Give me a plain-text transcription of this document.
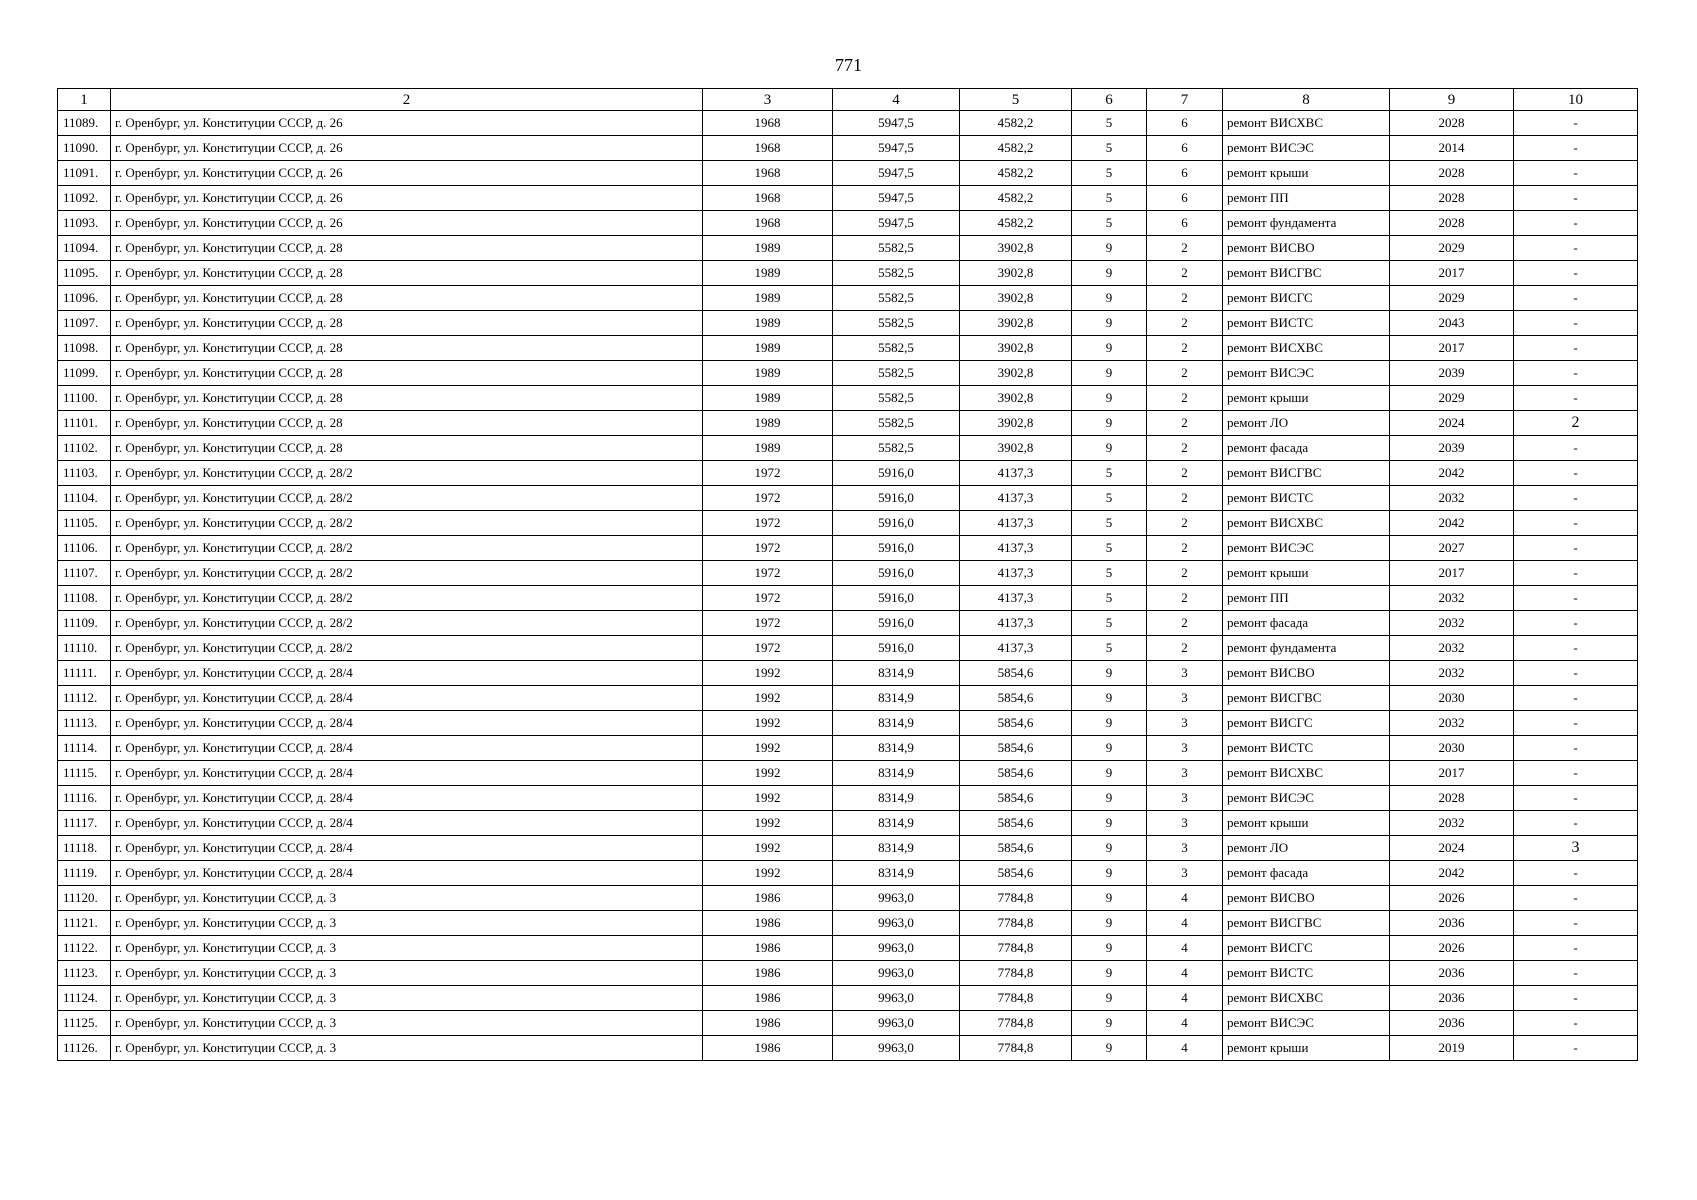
771
1	2	3	4	5	6	7	8	9	10
11089.	г. Оренбург, ул. Конституции СССР, д. 26	1968	5947,5	4582,2	5	6	ремонт ВИСХВС	2028	-
11090.	г. Оренбург, ул. Конституции СССР, д. 26	1968	5947,5	4582,2	5	6	ремонт ВИСЭС	2014	-
11091.	г. Оренбург, ул. Конституции СССР, д. 26	1968	5947,5	4582,2	5	6	ремонт крыши	2028	-
11092.	г. Оренбург, ул. Конституции СССР, д. 26	1968	5947,5	4582,2	5	6	ремонт ПП	2028	-
11093.	г. Оренбург, ул. Конституции СССР, д. 26	1968	5947,5	4582,2	5	6	ремонт фундамента	2028	-
11094.	г. Оренбург, ул. Конституции СССР, д. 28	1989	5582,5	3902,8	9	2	ремонт ВИСВО	2029	-
11095.	г. Оренбург, ул. Конституции СССР, д. 28	1989	5582,5	3902,8	9	2	ремонт ВИСГВС	2017	-
11096.	г. Оренбург, ул. Конституции СССР, д. 28	1989	5582,5	3902,8	9	2	ремонт ВИСГС	2029	-
11097.	г. Оренбург, ул. Конституции СССР, д. 28	1989	5582,5	3902,8	9	2	ремонт ВИСТС	2043	-
11098.	г. Оренбург, ул. Конституции СССР, д. 28	1989	5582,5	3902,8	9	2	ремонт ВИСХВС	2017	-
11099.	г. Оренбург, ул. Конституции СССР, д. 28	1989	5582,5	3902,8	9	2	ремонт ВИСЭС	2039	-
11100.	г. Оренбург, ул. Конституции СССР, д. 28	1989	5582,5	3902,8	9	2	ремонт крыши	2029	-
11101.	г. Оренбург, ул. Конституции СССР, д. 28	1989	5582,5	3902,8	9	2	ремонт ЛО	2024	2
11102.	г. Оренбург, ул. Конституции СССР, д. 28	1989	5582,5	3902,8	9	2	ремонт фасада	2039	-
11103.	г. Оренбург, ул. Конституции СССР, д. 28/2	1972	5916,0	4137,3	5	2	ремонт ВИСГВС	2042	-
11104.	г. Оренбург, ул. Конституции СССР, д. 28/2	1972	5916,0	4137,3	5	2	ремонт ВИСТС	2032	-
11105.	г. Оренбург, ул. Конституции СССР, д. 28/2	1972	5916,0	4137,3	5	2	ремонт ВИСХВС	2042	-
11106.	г. Оренбург, ул. Конституции СССР, д. 28/2	1972	5916,0	4137,3	5	2	ремонт ВИСЭС	2027	-
11107.	г. Оренбург, ул. Конституции СССР, д. 28/2	1972	5916,0	4137,3	5	2	ремонт крыши	2017	-
11108.	г. Оренбург, ул. Конституции СССР, д. 28/2	1972	5916,0	4137,3	5	2	ремонт ПП	2032	-
11109.	г. Оренбург, ул. Конституции СССР, д. 28/2	1972	5916,0	4137,3	5	2	ремонт фасада	2032	-
11110.	г. Оренбург, ул. Конституции СССР, д. 28/2	1972	5916,0	4137,3	5	2	ремонт фундамента	2032	-
11111.	г. Оренбург, ул. Конституции СССР, д. 28/4	1992	8314,9	5854,6	9	3	ремонт ВИСВО	2032	-
11112.	г. Оренбург, ул. Конституции СССР, д. 28/4	1992	8314,9	5854,6	9	3	ремонт ВИСГВС	2030	-
11113.	г. Оренбург, ул. Конституции СССР, д. 28/4	1992	8314,9	5854,6	9	3	ремонт ВИСГС	2032	-
11114.	г. Оренбург, ул. Конституции СССР, д. 28/4	1992	8314,9	5854,6	9	3	ремонт ВИСТС	2030	-
11115.	г. Оренбург, ул. Конституции СССР, д. 28/4	1992	8314,9	5854,6	9	3	ремонт ВИСХВС	2017	-
11116.	г. Оренбург, ул. Конституции СССР, д. 28/4	1992	8314,9	5854,6	9	3	ремонт ВИСЭС	2028	-
11117.	г. Оренбург, ул. Конституции СССР, д. 28/4	1992	8314,9	5854,6	9	3	ремонт крыши	2032	-
11118.	г. Оренбург, ул. Конституции СССР, д. 28/4	1992	8314,9	5854,6	9	3	ремонт ЛО	2024	3
11119.	г. Оренбург, ул. Конституции СССР, д. 28/4	1992	8314,9	5854,6	9	3	ремонт фасада	2042	-
11120.	г. Оренбург, ул. Конституции СССР, д. 3	1986	9963,0	7784,8	9	4	ремонт ВИСВО	2026	-
11121.	г. Оренбург, ул. Конституции СССР, д. 3	1986	9963,0	7784,8	9	4	ремонт ВИСГВС	2036	-
11122.	г. Оренбург, ул. Конституции СССР, д. 3	1986	9963,0	7784,8	9	4	ремонт ВИСГС	2026	-
11123.	г. Оренбург, ул. Конституции СССР, д. 3	1986	9963,0	7784,8	9	4	ремонт ВИСТС	2036	-
11124.	г. Оренбург, ул. Конституции СССР, д. 3	1986	9963,0	7784,8	9	4	ремонт ВИСХВС	2036	-
11125.	г. Оренбург, ул. Конституции СССР, д. 3	1986	9963,0	7784,8	9	4	ремонт ВИСЭС	2036	-
11126.	г. Оренбург, ул. Конституции СССР, д. 3	1986	9963,0	7784,8	9	4	ремонт крыши	2019	-
